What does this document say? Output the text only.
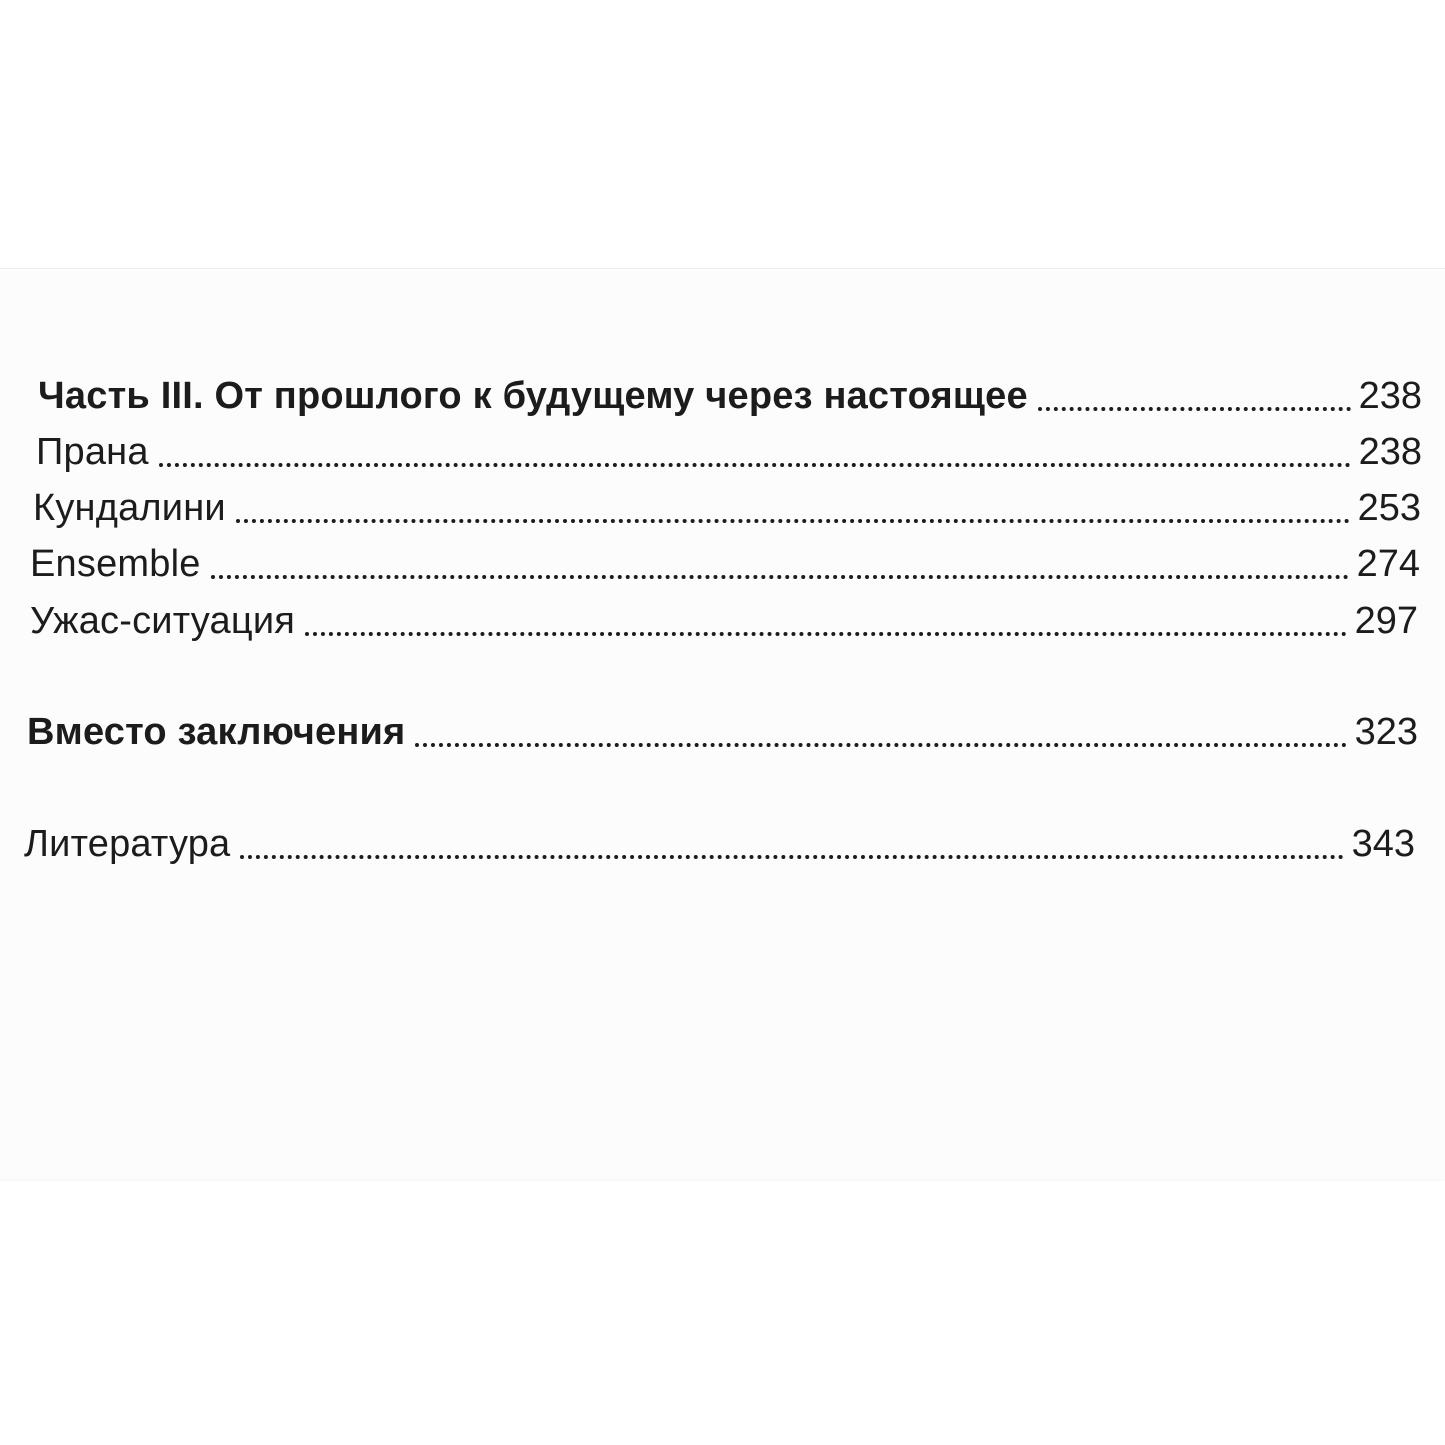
Часть III. От прошлого к будущему через настоящее	238
Прана	238
Кундалини	253
Ensemble	274
Ужас-ситуация	297
Вместо заключения	323
Литература	343
